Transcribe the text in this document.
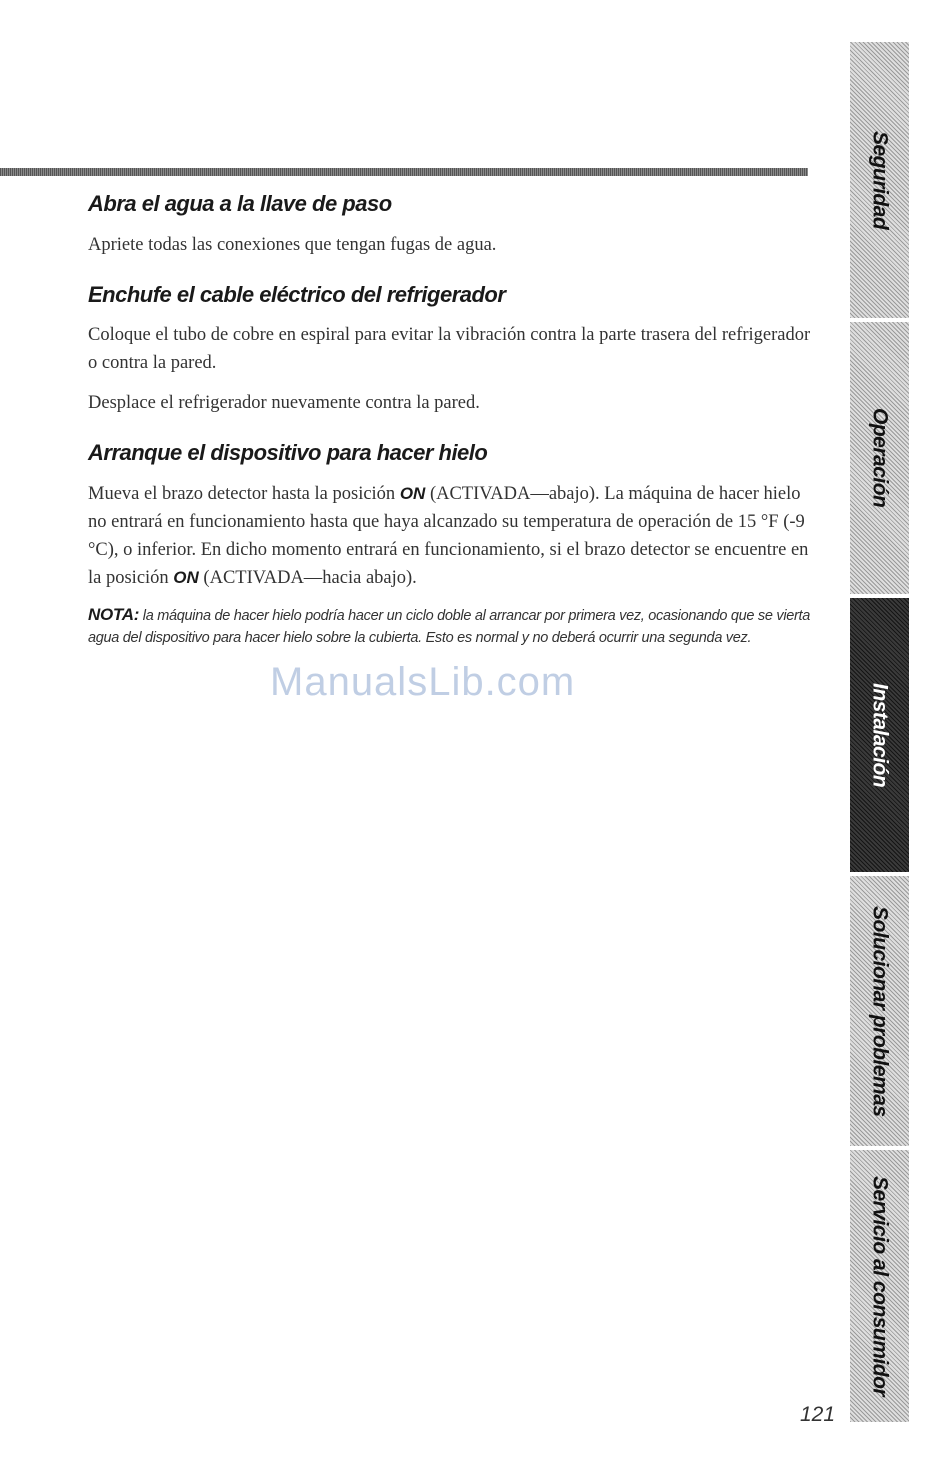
Abra el agua a la llave de paso

Apriete todas las conexiones que tengan fugas de agua.

Enchufe el cable eléctrico del refrigerador

Coloque el tubo de cobre en espiral para evitar la vibración contra la parte trasera del refrigerador o contra la pared.

Desplace el refrigerador nuevamente contra la pared.

Arranque el dispositivo para hacer hielo

Mueva el brazo detector hasta la posición ON (ACTIVADA—abajo). La máquina de hacer hielo no entrará en funcionamiento hasta que haya alcanzado su temperatura de operación de 15 °F (-9 °C), o inferior. En dicho momento entrará en funcionamiento, si el brazo detector se encuentre en la posición ON (ACTIVADA—hacia abajo).

NOTA: la máquina de hacer hielo podría hacer un ciclo doble al arrancar por primera vez, ocasionando que se vierta agua del dispositivo para hacer hielo sobre la cubierta. Esto es normal y no deberá ocurrir una segunda vez.

ManualsLib.com
Seguridad
Operación
Instalación
Solucionar problemas
Servicio al consumidor
121
